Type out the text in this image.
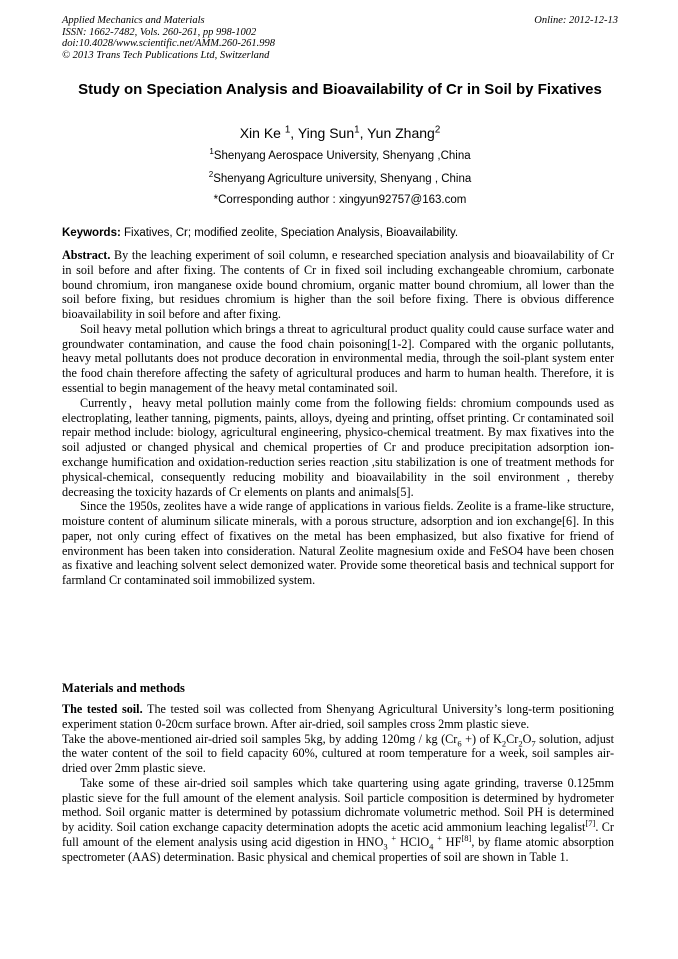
Applied Mechanics and Materials
ISSN: 1662-7482, Vols. 260-261, pp 998-1002
doi:10.4028/www.scientific.net/AMM.260-261.998
© 2013 Trans Tech Publications Ltd, Switzerland
Online: 2012-12-13
Study on Speciation Analysis and Bioavailability of Cr in Soil by Fixatives
Xin Ke $^1$, Ying Sun$^1$, Yun Zhang$^2$
$^1$Shenyang Aerospace University, Shenyang ,China
$^2$Shenyang Agriculture university, Shenyang , China
*Corresponding author : xingyun92757@163.com
Keywords: Fixatives, Cr; modified zeolite, Speciation Analysis, Bioavailability.

Abstract. By the leaching experiment of soil column, e researched speciation analysis and bioavailability of Cr in soil before and after fixing. The contents of Cr in fixed soil including exchangeable chromium, carbonate bound chromium, iron manganese oxide bound chromium, organic matter bound chromium, all lower than the soil before fixing, but residues chromium is higher than the soil before fixing. There is obvious difference bioavailability in soil before and after fixing.

Soil heavy metal pollution which brings a threat to agricultural product quality could cause surface water and groundwater contamination, and cause the food chain poisoning[1-2]. Compared with the organic pollutants, heavy metal pollutants does not produce decoration in environmental media, through the soil-plant system enter the food chain therefore affecting the safety of agricultural produces and harm to human health. Therefore, it is essential to begin management of the heavy metal contaminated soil.

Currently，heavy metal pollution mainly come from the following fields: chromium compounds used as electroplating, leather tanning, pigments, paints, alloys, dyeing and printing, offset printing. Cr contaminated soil repair method include: biology, agricultural engineering, physico-chemical treatment. By max fixatives into the soil adjusted or changed physical and chemical properties of Cr and produce precipitation adsorption ion-exchange humification and oxidation-reduction series reaction ,situ stabilization is one of treatment methods for physical-chemical, consequently reducing mobility and bioavailability in the soil environment , thereby decreasing the toxicity hazards of Cr elements on plants and animals[5].

Since the 1950s, zeolites have a wide range of applications in various fields. Zeolite is a frame-like structure, moisture content of aluminum silicate minerals, with a porous structure, adsorption and ion exchange[6]. In this paper, not only curing effect of fixatives on the metal has been emphasized, but also fixative for friend of environment has been taken into consideration. Natural Zeolite magnesium oxide and FeSO4 have been chosen as fixative and leaching solvent select demonized water. Provide some theoretical basis and technical support for farmland Cr contaminated soil immobilized system.

Materials and methods

The tested soil. The tested soil was collected from Shenyang Agricultural University’s long-term positioning experiment station 0-20cm surface brown. After air-dried, soil samples cross 2mm plastic sieve.

Take the above-mentioned air-dried soil samples 5kg, by adding 120mg / kg ($Cr_6$ +) of $K_2Cr_2O_7$ solution, adjust the water content of the soil to field capacity 60%, cultured at room temperature for a week, soil samples air-dried over 2mm plastic sieve.

Take some of these air-dried soil samples which take quartering using agate grinding, traverse 0.125mm plastic sieve for the full amount of the element analysis. Soil particle composition is determined by hydrometer method. Soil organic matter is determined by potassium dichromate volumetric method. Soil PH is determined by acidity. Soil cation exchange capacity determination adopts the acetic acid ammonium leaching legalist[7]. Cr full amount of the element analysis using acid digestion in $HNO_3$ + HClO$_4$ + HF[8], by flame atomic absorption spectrometer (AAS) determination. Basic physical and chemical properties of soil are shown in Table 1.
